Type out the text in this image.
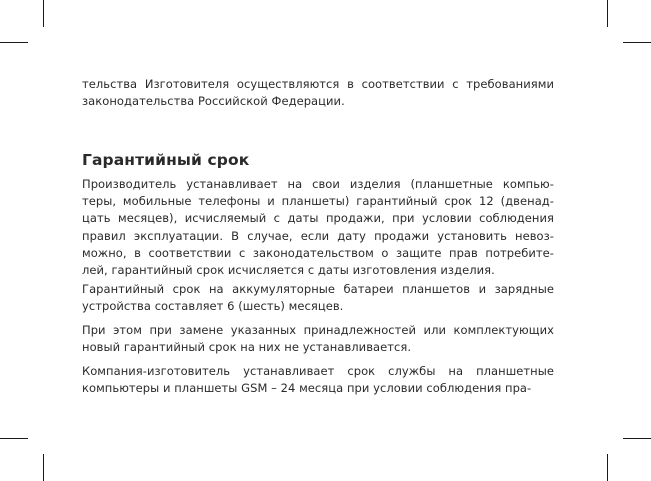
тельства Изготовителя осуществляются в соответствии с требованиями
законодательства Российской Федерации.

Гарантийный срок

Производитель устанавливает на свои изделия (планшетные компью-
теры, мобильные телефоны и планшеты) гарантийный срок 12 (двенад-
цать месяцев), исчисляемый с даты продажи, при условии соблюдения
правил эксплуатации. В случае, если дату продажи установить невоз-
можно, в соответствии с законодательством о защите прав потребите-
лей, гарантийный срок исчисляется с даты изготовления изделия.

Гарантийный срок на аккумуляторные батареи планшетов и зарядные
устройства составляет 6 (шесть) месяцев.

При этом при замене указанных принадлежностей или комплектующих
новый гарантийный срок на них не устанавливается.

Компания-изготовитель устанавливает срок службы на планшетные
компьютеры и планшеты GSM – 24 месяца при условии соблюдения пра-
